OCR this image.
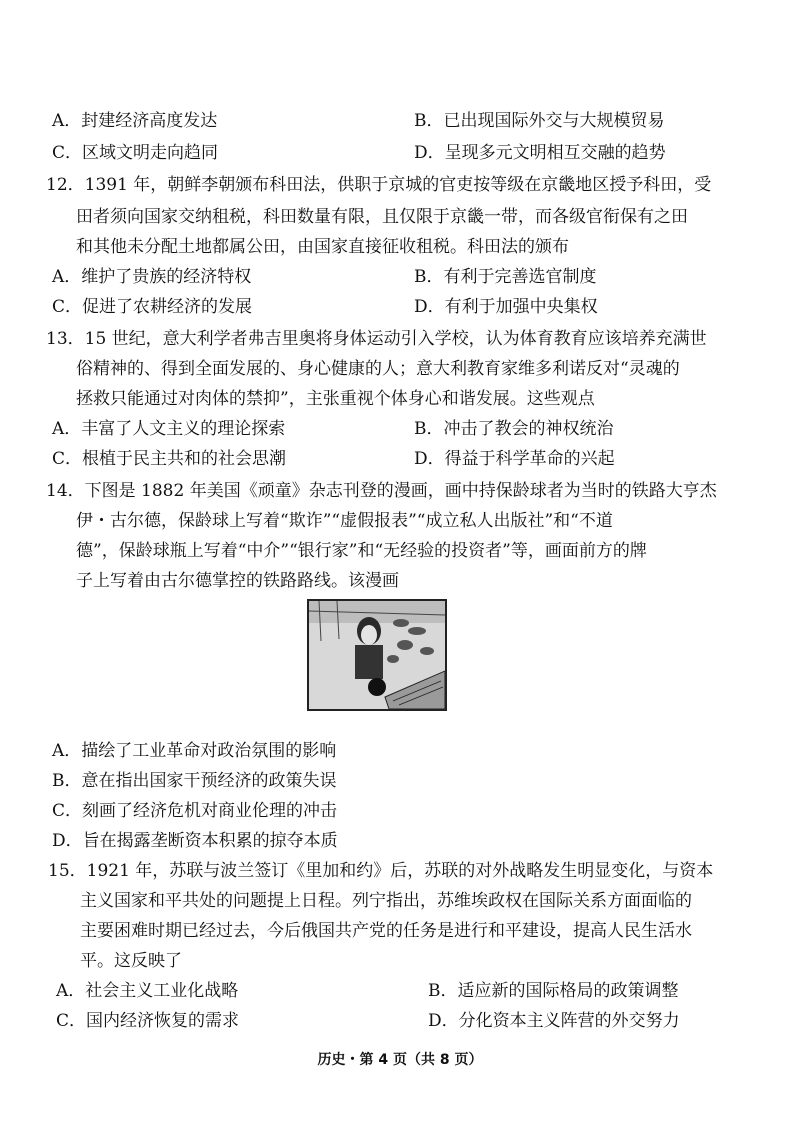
A．封建经济高度发达	B．已出现国际外交与大规模贸易
C．区域文明走向趋同	D．呈现多元文明相互交融的趋势
12．1391 年，朝鲜李朝颁布科田法，供职于京城的官吏按等级在京畿地区授予科田，受
田者须向国家交纳租税，科田数量有限，且仅限于京畿一带，而各级官衔保有之田
和其他未分配土地都属公田，由国家直接征收租税。科田法的颁布
A．维护了贵族的经济特权	B．有利于完善选官制度
C．促进了农耕经济的发展	D．有利于加强中央集权
13．15 世纪，意大利学者弗吉里奥将身体运动引入学校，认为体育教育应该培养充满世
俗精神的、得到全面发展的、身心健康的人；意大利教育家维多利诺反对“灵魂的
拯救只能通过对肉体的禁抑”，主张重视个体身心和谐发展。这些观点
A．丰富了人文主义的理论探索	B．冲击了教会的神权统治
C．根植于民主共和的社会思潮	D．得益于科学革命的兴起
14．下图是 1882 年美国《顽童》杂志刊登的漫画，画中持保龄球者为当时的铁路大亨杰
伊・古尔德，保龄球上写着“欺诈”“虚假报表”“成立私人出版社”和“不道
德”，保龄球瓶上写着“中介”“银行家”和“无经验的投资者”等，画面前方的牌
子上写着由古尔德掌控的铁路路线。该漫画
A．描绘了工业革命对政治氛围的影响
B．意在指出国家干预经济的政策失误
C．刻画了经济危机对商业伦理的冲击
D．旨在揭露垄断资本积累的掠夺本质
15．1921 年，苏联与波兰签订《里加和约》后，苏联的对外战略发生明显变化，与资本
主义国家和平共处的问题提上日程。列宁指出，苏维埃政权在国际关系方面面临的
主要困难时期已经过去，今后俄国共产党的任务是进行和平建设，提高人民生活水
平。这反映了
A．社会主义工业化战略	B．适应新的国际格局的政策调整
C．国内经济恢复的需求	D．分化资本主义阵营的外交努力
历史・第 4 页（共 8 页）
